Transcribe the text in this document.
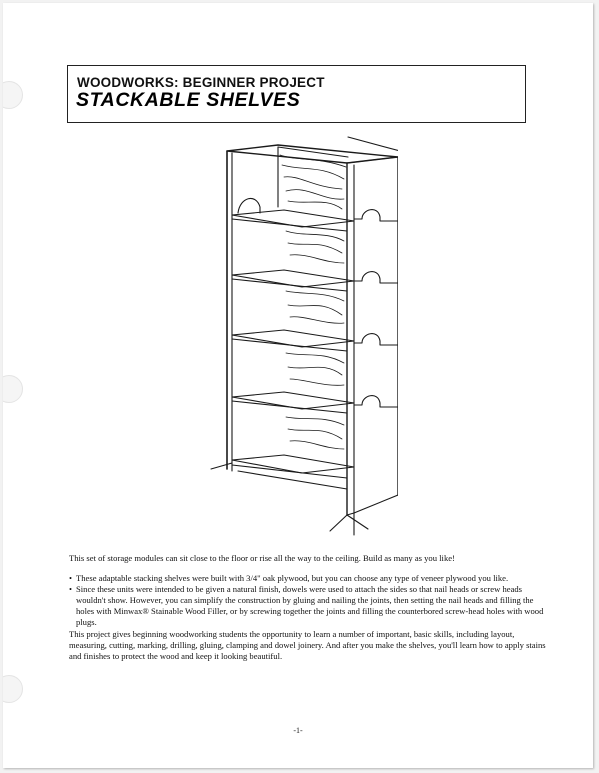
WOODWORKS: BEGINNER PROJECT
STACKABLE SHELVES

This set of storage modules can sit close to the floor or rise all the way to the ceiling. Build as many as you like!

• These adaptable stacking shelves were built with 3/4" oak plywood, but you can choose any type of veneer plywood you like.
• Since these units were intended to be given a natural finish, dowels were used to attach the sides so that nail heads or screw heads wouldn't show. However, you can simplify the construction by gluing and nailing the joints, then setting the nail heads and filling the holes with Minwax® Stainable Wood Filler, or by screwing together the joints and filling the counterbored screw-head holes with wood plugs.

This project gives beginning woodworking students the opportunity to learn a number of important, basic skills, including layout, measuring, cutting, marking, drilling, gluing, clamping and dowel joinery. And after you make the shelves, you'll learn how to apply stains and finishes to protect the wood and keep it looking beautiful.

-1-
